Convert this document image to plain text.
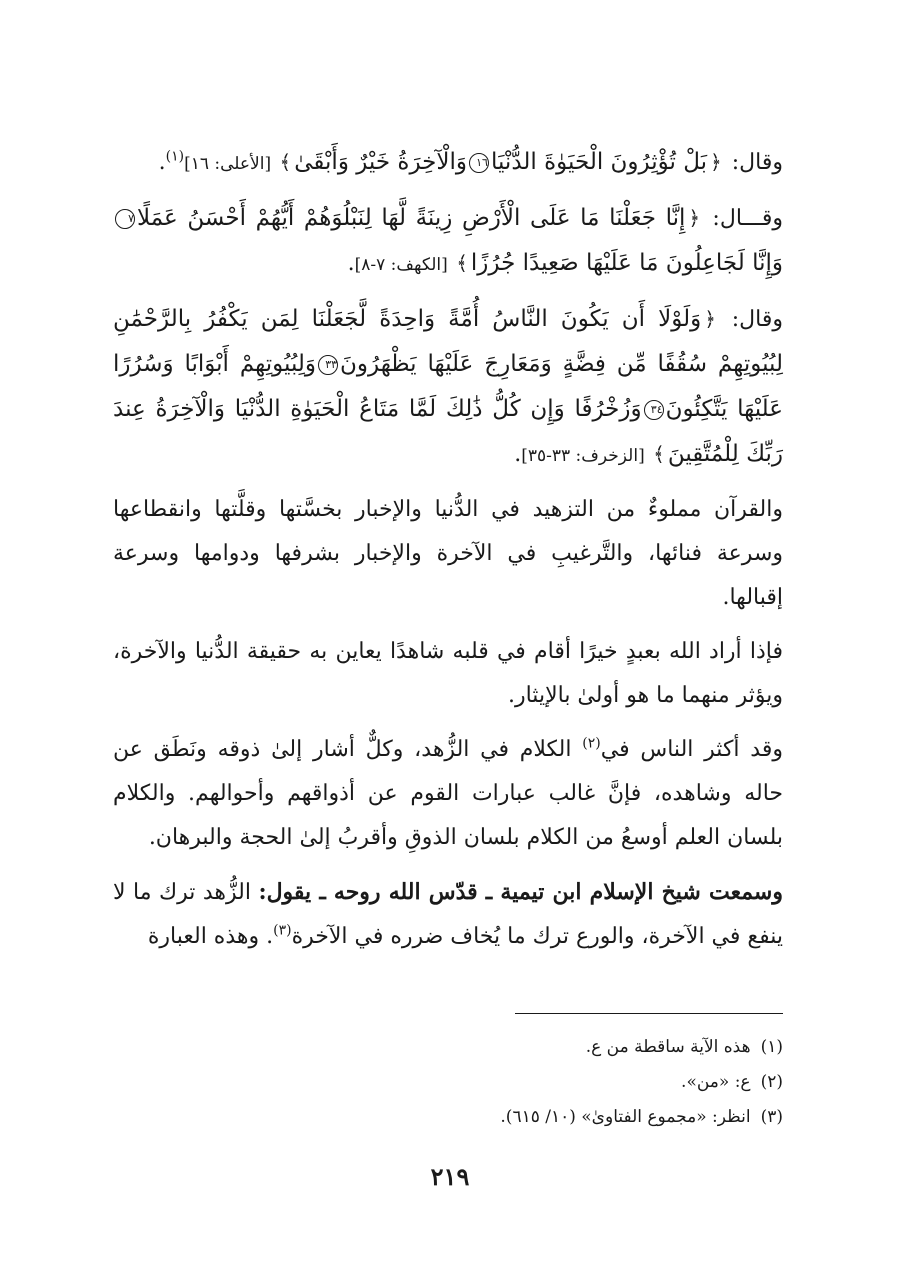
وقال: ﴿بَلْ تُؤْثِرُونَ الْحَيَوٰةَ الدُّنْيَا١٦وَالْآخِرَةُ خَيْرٌ وَأَبْقَىٰ﴾ [الأعلى: ١٦]$^{(١)}$.

وقـــال: ﴿إِنَّا جَعَلْنَا مَا عَلَى الْأَرْضِ زِينَةً لَّهَا لِنَبْلُوَهُمْ أَيُّهُمْ أَحْسَنُ عَمَلًا٧وَإِنَّا لَجَاعِلُونَ مَا عَلَيْهَا صَعِيدًا جُرُزًا﴾ [الكهف: ٧-٨].

وقال: ﴿وَلَوْلَا أَن يَكُونَ النَّاسُ أُمَّةً وَاحِدَةً لَّجَعَلْنَا لِمَن يَكْفُرُ بِالرَّحْمَٰنِ لِبُيُوتِهِمْ سُقُفًا مِّن فِضَّةٍ وَمَعَارِجَ عَلَيْهَا يَظْهَرُونَ٣٣وَلِبُيُوتِهِمْ أَبْوَابًا وَسُرُرًا عَلَيْهَا يَتَّكِئُونَ٣٤وَزُخْرُفًا وَإِن كُلُّ ذَٰلِكَ لَمَّا مَتَاعُ الْحَيَوٰةِ الدُّنْيَا وَالْآخِرَةُ عِندَ رَبِّكَ لِلْمُتَّقِينَ﴾ [الزخرف: ٣٣-٣٥].

والقرآن مملوءٌ من التزهيد في الدُّنيا والإخبار بخسَّتها وقلَّتها وانقطاعها وسرعة فنائها، والتَّرغيبِ في الآخرة والإخبار بشرفها ودوامها وسرعة إقبالها.

فإذا أراد الله بعبدٍ خيرًا أقام في قلبه شاهدًا يعاين به حقيقة الدُّنيا والآخرة، ويؤثر منهما ما هو أولىٰ بالإيثار.

وقد أكثر الناس في$^{(٢)}$ الكلام في الزُّهد، وكلٌّ أشار إلىٰ ذوقه ونَطَق عن حاله وشاهده، فإنَّ غالب عبارات القوم عن أذواقهم وأحوالهم. والكلام بلسان العلم أوسعُ من الكلام بلسان الذوقِ وأقربُ إلىٰ الحجة والبرهان.

وسمعت شيخ الإسلام ابن تيمية ـ قدّس الله روحه ـ يقول: الزُّهد ترك ما لا ينفع في الآخرة، والورع ترك ما يُخاف ضرره في الآخرة$^{(٣)}$. وهذه العبارة

(١)هذه الآية ساقطة من ع.
(٢)ع: «من».
(٣)انظر: «مجموع الفتاوىٰ» (١٠/ ٦١٥).
٢١٩
